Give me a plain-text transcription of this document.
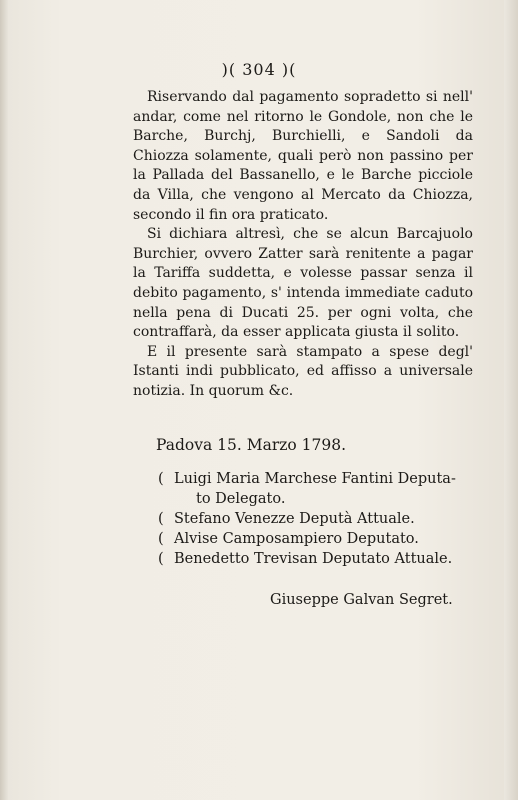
)( 304 )(

Riservando dal pagamento sopradetto si nell' andar, come nel ritorno le Gondole, non che le Barche, Burchj, Burchielli, e Sandoli da Chiozza solamente, quali però non passino per la Pallada del Bassanello, e le Barche picciole da Villa, che vengono al Mercato da Chiozza, secondo il fin ora praticato.

Si dichiara altresì, che se alcun Barcajuolo Burchier, ovvero Zatter sarà renitente a pagar la Tariffa suddetta, e volesse passar senza il debito pagamento, s' intenda immediate caduto nella pena di Ducati 25. per ogni volta, che contraffarà, da esser applicata giusta il solito.

E il presente sarà stampato a spese degl' Istanti indi pubblicato, ed affisso a universale notizia. In quorum &c.

Padova 15. Marzo 1798.
( Luigi Maria Marchese Fantini Deputa-
to Delegato.
( Stefano Venezze Deputà Attuale.
( Alvise Camposampiero Deputato.
( Benedetto Trevisan Deputato Attuale.
Giuseppe Galvan Segret.
